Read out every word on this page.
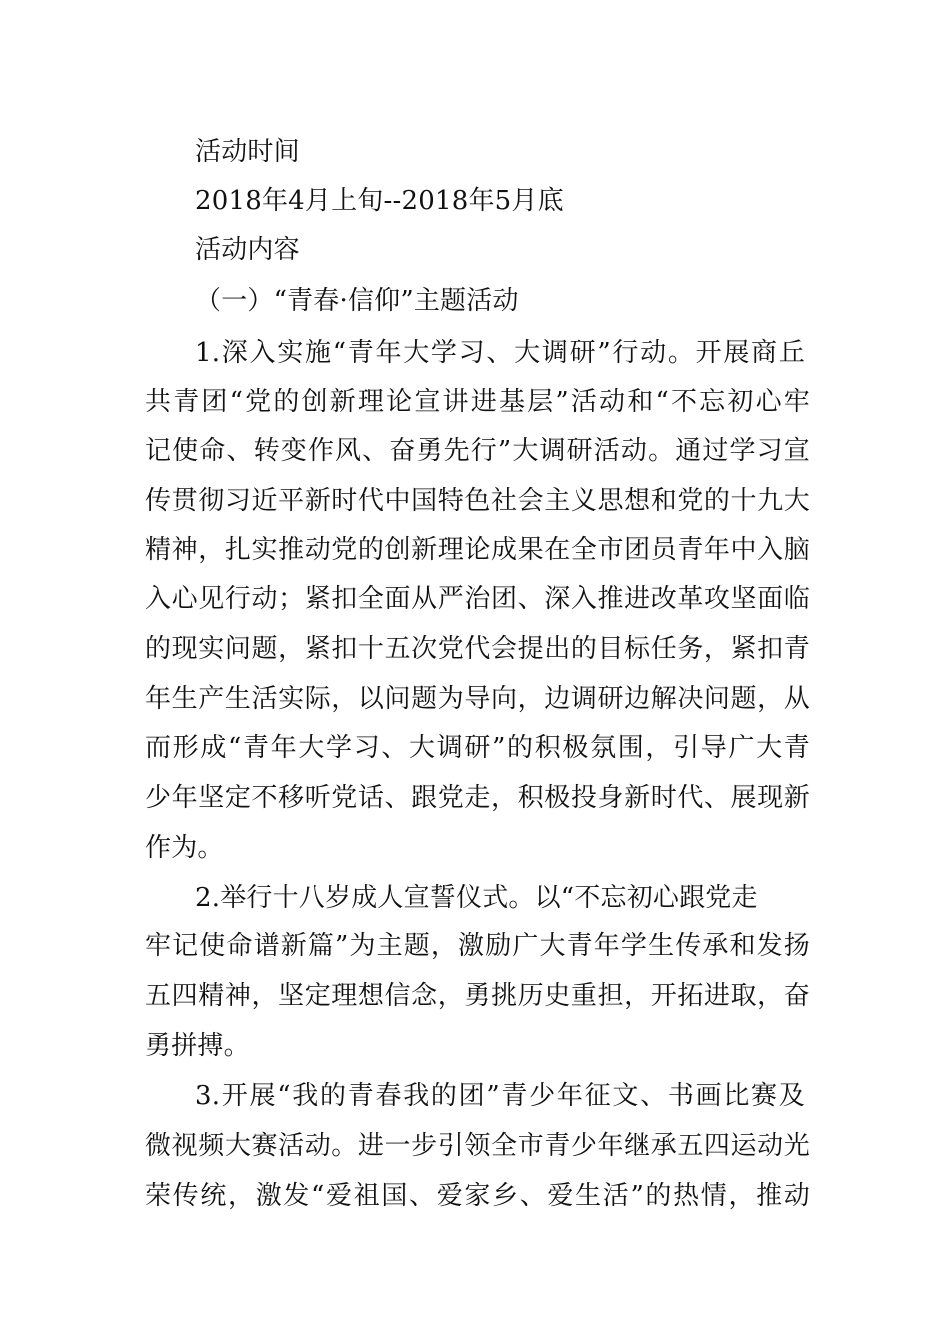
活动时间
2018年4月上旬--2018年5月底
活动内容
（一）“青春·信仰”主题活动
1.深入实施“青年大学习、大调研”行动。开展商丘
共青团“党的创新理论宣讲进基层”活动和“不忘初心牢
记使命、转变作风、奋勇先行”大调研活动。通过学习宣
传贯彻习近平新时代中国特色社会主义思想和党的十九大
精神，扎实推动党的创新理论成果在全市团员青年中入脑
入心见行动；紧扣全面从严治团、深入推进改革攻坚面临
的现实问题，紧扣十五次党代会提出的目标任务，紧扣青
年生产生活实际，以问题为导向，边调研边解决问题，从
而形成“青年大学习、大调研”的积极氛围，引导广大青
少年坚定不移听党话、跟党走，积极投身新时代、展现新
作为。
2.举行十八岁成人宣誓仪式。以“不忘初心跟党走
牢记使命谱新篇”为主题，激励广大青年学生传承和发扬
五四精神，坚定理想信念，勇挑历史重担，开拓进取，奋
勇拼搏。
3.开展“我的青春我的团”青少年征文、书画比赛及
微视频大赛活动。进一步引领全市青少年继承五四运动光
荣传统，激发“爱祖国、爱家乡、爱生活”的热情，推动
